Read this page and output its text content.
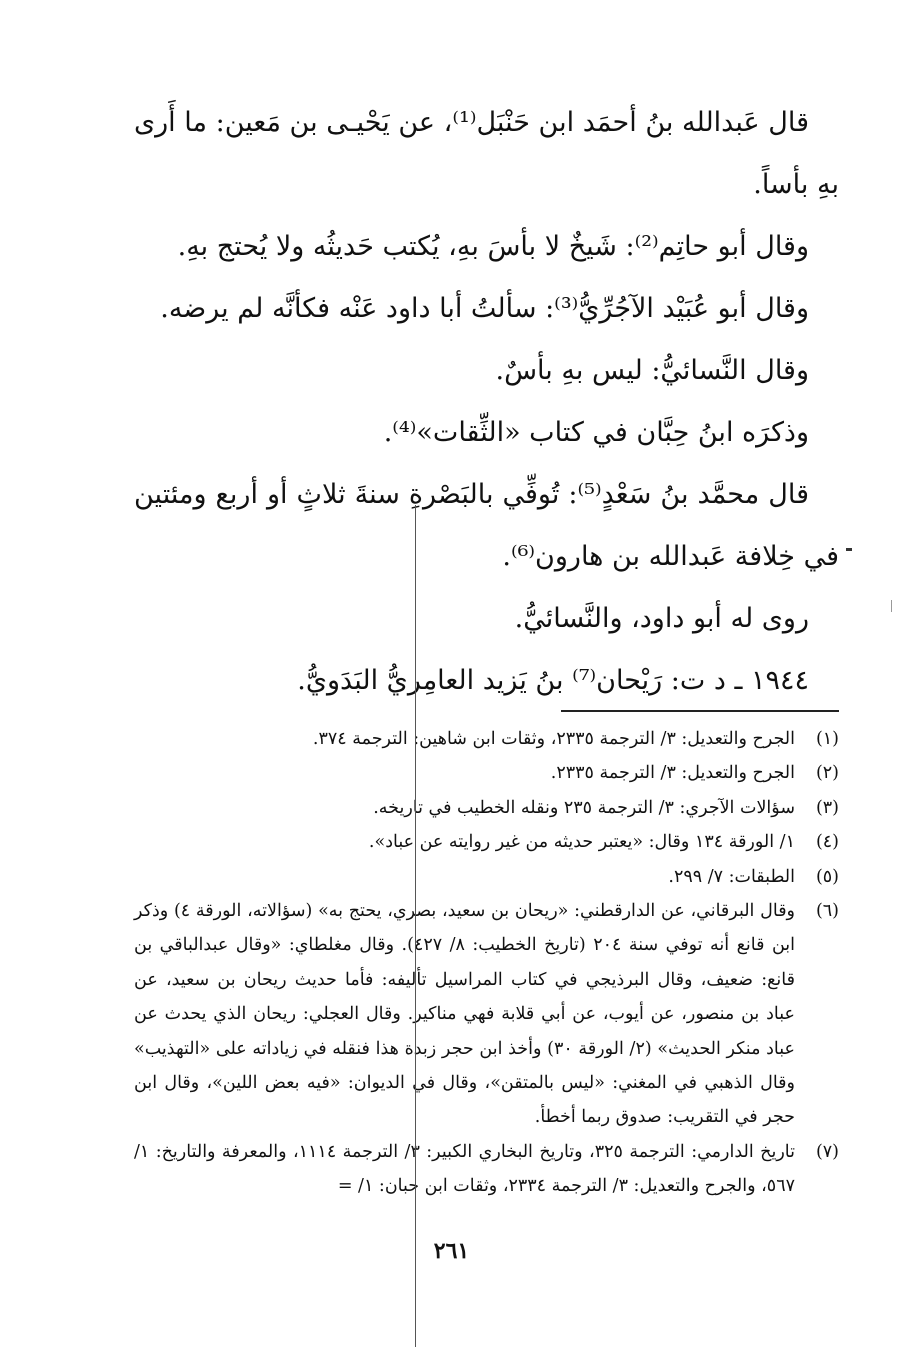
قال عَبدالله بنُ أحمَد ابن حَنْبَل⁽¹⁾، عن يَحْيـى بن مَعين: ما أَرى بهِ بأساً.

وقال أبو حاتِم⁽²⁾: شَيخٌ لا بأسَ بهِ، يُكتب حَديثُه ولا يُحتج بهِ.

وقال أبو عُبَيْد الآجُرِّيُّ⁽³⁾: سألتُ أبا داود عَنْه فكأنَّه لم يرضه.

وقال النَّسائيُّ: ليس بهِ بأسٌ.

وذكرَه ابنُ حِبَّان في كتاب «الثِّقات»⁽⁴⁾.

قال محمَّد بنُ سَعْدٍ⁽⁵⁾: تُوفِّي بالبَصْرةِ سنةَ ثلاثٍ أو أربع ومئتين في خِلافة عَبدالله بن هارون⁽⁶⁾.

روى له أبو داود، والنَّسائيُّ.

١٩٤٤ ـ د ت: رَيْحان⁽⁷⁾ بنُ يَزيد العامِريُّ البَدَويُّ.

(١)
الجرح والتعديل: ٣/ الترجمة ٢٣٣٥، وثقات ابن شاهين: الترجمة ٣٧٤.
(٢)
الجرح والتعديل: ٣/ الترجمة ٢٣٣٥.
(٣)
سؤالات الآجري: ٣/ الترجمة ٢٣٥ ونقله الخطيب في تاريخه.
(٤)
١/ الورقة ١٣٤ وقال: «يعتبر حديثه من غير روايته عن عباد».
(٥)
الطبقات: ٧/ ٢٩٩.
(٦)
وقال البرقاني، عن الدارقطني: «ريحان بن سعيد، بصري، يحتج به» (سؤالاته، الورقة ٤) وذكر ابن قانع أنه توفي سنة ٢٠٤ (تاريخ الخطيب: ٨/ ٤٢٧). وقال مغلطاي: «وقال عبدالباقي بن قانع: ضعيف، وقال البرذيجي في كتاب المراسيل تأليفه: فأما حديث ريحان بن سعيد، عن عباد بن منصور، عن أيوب، عن أبي قلابة فهي مناكير. وقال العجلي: ريحان الذي يحدث عن عباد منكر الحديث» (٢/ الورقة ٣٠) وأخذ ابن حجر زبدة هذا فنقله في زياداته على «التهذيب» وقال الذهبي في المغني: «ليس بالمتقن»، وقال في الديوان: «فيه بعض اللين»، وقال ابن حجر في التقريب: صدوق ربما أخطأ.
(٧)
تاريخ الدارمي: الترجمة ٣٢٥، وتاريخ البخاري الكبير: ٣/ الترجمة ١١١٤، والمعرفة والتاريخ: ١/ ٥٦٧، والجرح والتعديل: ٣/ الترجمة ٢٣٣٤، وثقات ابن حبان: ١/ =
٢٦١
